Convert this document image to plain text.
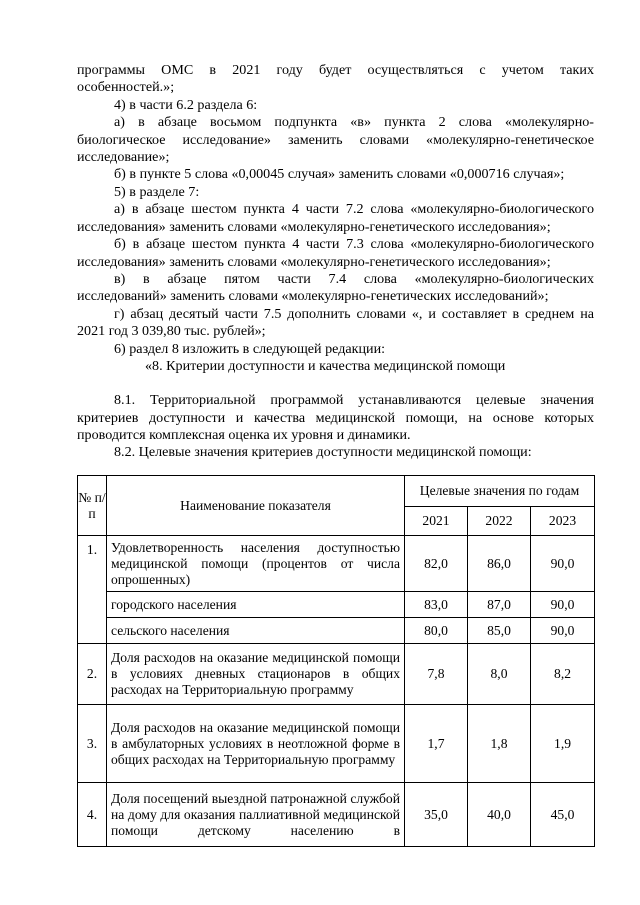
программы ОМС в 2021 году будет осуществляться с учетом таких

особенностей.»;

4) в части 6.2 раздела 6:

а) в абзаце восьмом подпункта «в» пункта 2 слова «молекулярно-

биологическое исследование» заменить словами «молекулярно-генетическое

исследование»;

б) в пункте 5 слова «0,00045 случая» заменить словами «0,000716 случая»;

5) в разделе 7:

а) в абзаце шестом пункта 4 части 7.2 слова «молекулярно-биологического

исследования» заменить словами «молекулярно-генетического исследования»;

б) в абзаце шестом пункта 4 части 7.3 слова «молекулярно-биологического

исследования» заменить словами «молекулярно-генетического исследования»;

в) в абзаце пятом части 7.4 слова «молекулярно-биологических

исследований» заменить словами «молекулярно-генетических исследований»;

г) абзац десятый части 7.5 дополнить словами «, и составляет в среднем на

2021 год 3 039,80 тыс. рублей»;

6) раздел 8 изложить в следующей редакции:

«8. Критерии доступности и качества медицинской помощи

8.1. Территориальной программой устанавливаются целевые значения

критериев доступности и качества медицинской помощи, на основе которых

проводится комплексная оценка их уровня и динамики.

8.2. Целевые значения критериев доступности медицинской помощи:

№ п/п	Наименование показателя	Целевые значения по годам		
		2021	2022	2023
1.	Удовлетворенность населения доступностью медицинской помощи (процентов от числа опрошенных)	82,0	86,0	90,0
	городского населения	83,0	87,0	90,0
	сельского населения	80,0	85,0	90,0
2.	Доля расходов на оказание медицинской помощи в условиях дневных стационаров в общих расходах на Территориальную программу	7,8	8,0	8,2
3.	Доля расходов на оказание медицинской помощи в амбулаторных условиях в неотложной форме в общих расходах на Территориальную программу	1,7	1,8	1,9
4.	Доля посещений выездной патронажной службой на дому для оказания паллиативной медицинской помощи детскому населению в	35,0	40,0	45,0
